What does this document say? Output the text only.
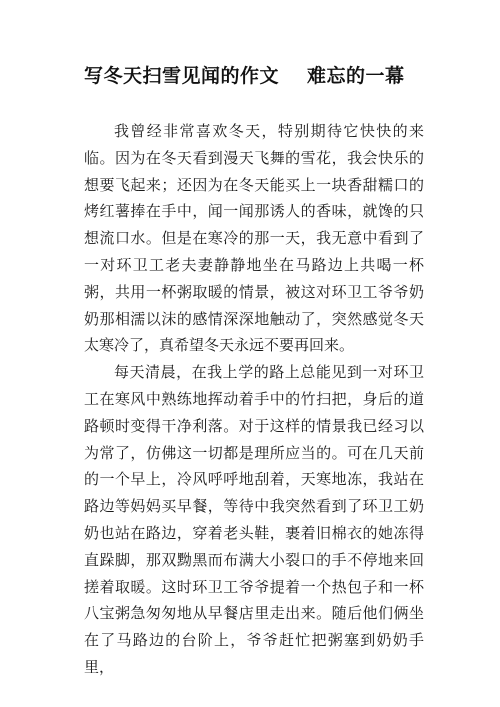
写冬天扫雪见闻的作文 难忘的一幕

我曾经非常喜欢冬天，特别期待它快快的来临。因为在冬天看到漫天飞舞的雪花，我会快乐的想要飞起来；还因为在冬天能买上一块香甜糯口的烤红薯捧在手中，闻一闻那诱人的香味，就馋的只想流口水。但是在寒冷的那一天，我无意中看到了一对环卫工老夫妻静静地坐在马路边上共喝一杯粥，共用一杯粥取暖的情景，被这对环卫工爷爷奶奶那相濡以沫的感情深深地触动了，突然感觉冬天太寒冷了，真希望冬天永远不要再回来。

每天清晨，在我上学的路上总能见到一对环卫工在寒风中熟练地挥动着手中的竹扫把，身后的道路顿时变得干净利落。对于这样的情景我已经习以为常了，仿佛这一切都是理所应当的。可在几天前的一个早上，冷风呼呼地刮着，天寒地冻，我站在路边等妈妈买早餐，等待中我突然看到了环卫工奶奶也站在路边，穿着老头鞋，裹着旧棉衣的她冻得直跺脚，那双黝黑而布满大小裂口的手不停地来回搓着取暖。这时环卫工爷爷提着一个热包子和一杯八宝粥急匆匆地从早餐店里走出来。随后他们俩坐在了马路边的台阶上，爷爷赶忙把粥塞到奶奶手里，
